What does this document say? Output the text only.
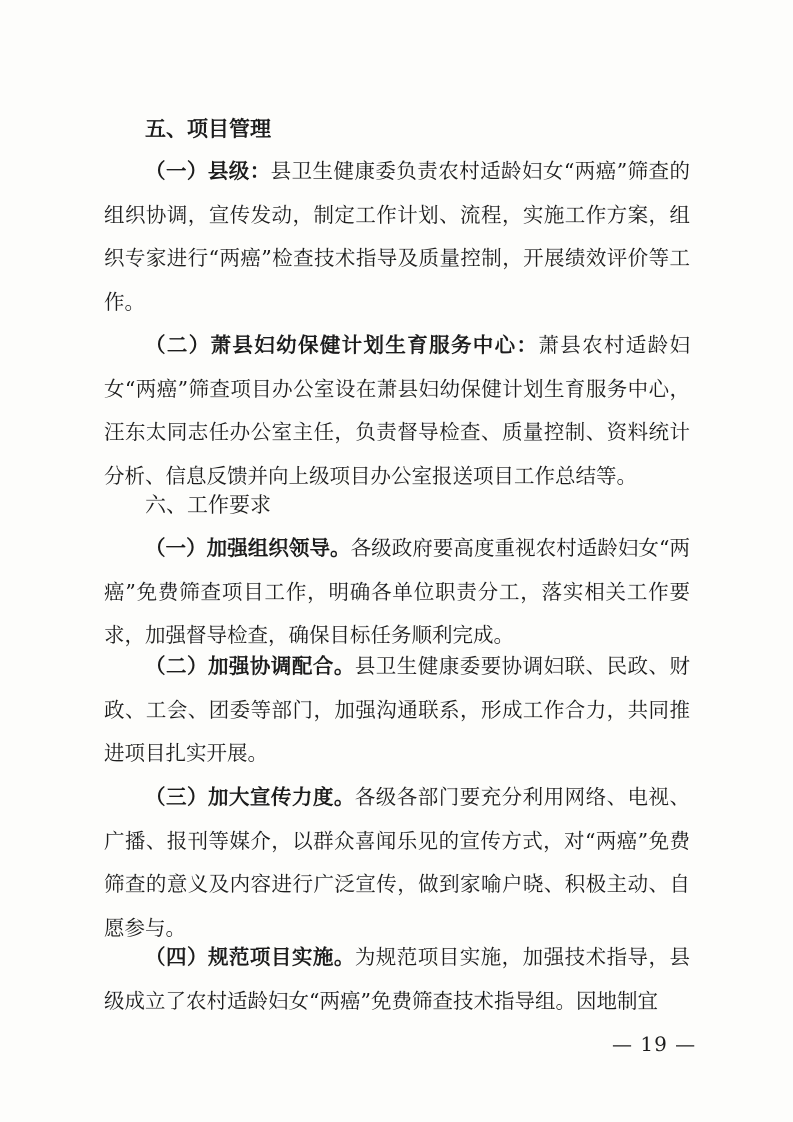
五、项目管理

（一）县级：县卫生健康委负责农村适龄妇女“两癌”筛查的组织协调，宣传发动，制定工作计划、流程，实施工作方案，组织专家进行“两癌”检查技术指导及质量控制，开展绩效评价等工作。

（二）萧县妇幼保健计划生育服务中心：萧县农村适龄妇女“两癌”筛查项目办公室设在萧县妇幼保健计划生育服务中心，汪东太同志任办公室主任，负责督导检查、质量控制、资料统计分析、信息反馈并向上级项目办公室报送项目工作总结等。

六、工作要求

（一）加强组织领导。各级政府要高度重视农村适龄妇女“两癌”免费筛查项目工作，明确各单位职责分工，落实相关工作要求，加强督导检查，确保目标任务顺利完成。

（二）加强协调配合。县卫生健康委要协调妇联、民政、财政、工会、团委等部门，加强沟通联系，形成工作合力，共同推进项目扎实开展。

（三）加大宣传力度。各级各部门要充分利用网络、电视、广播、报刊等媒介，以群众喜闻乐见的宣传方式，对“两癌”免费筛查的意义及内容进行广泛宣传，做到家喻户晓、积极主动、自愿参与。

（四）规范项目实施。为规范项目实施，加强技术指导，县级成立了农村适龄妇女“两癌”免费筛查技术指导组。因地制宜

— 19 —
